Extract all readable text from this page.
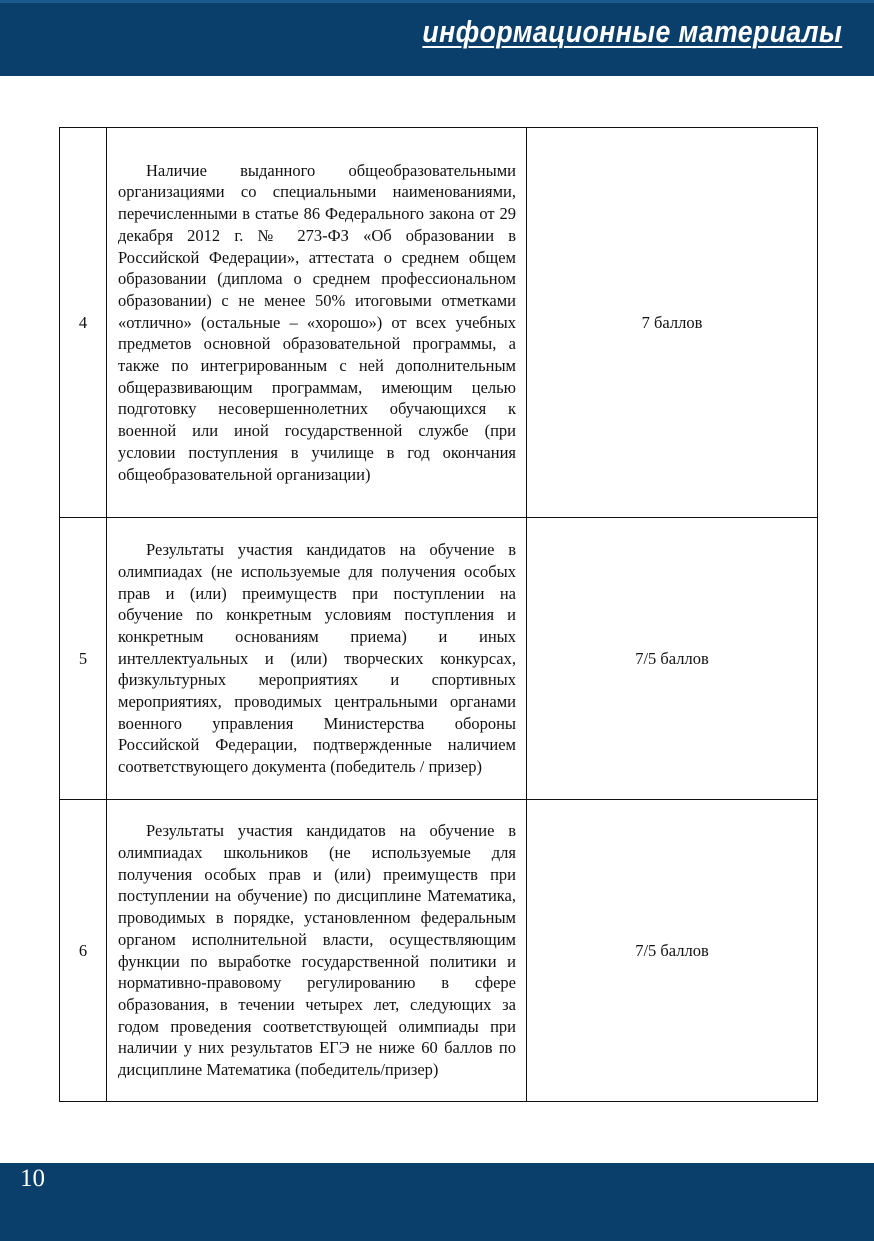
информационные материалы
4	Наличие выданного общеобразовательными организациями со специальными наименованиями, перечисленными в статье 86 Федерального закона от 29 декабря 2012 г. № 273-ФЗ «Об образовании в Российской Федерации», аттестата о среднем общем образовании (диплома о среднем профессиональном образовании) с не менее 50% итоговыми отметками «отлично» (остальные – «хорошо») от всех учебных предметов основной образовательной программы, а также по интегрированным с ней дополнительным общеразвивающим программам, имеющим целью подготовку несовершеннолетних обучающихся к военной или иной государственной службе (при условии поступления в училище в год окончания общеобразовательной организации)	7 баллов
5	Результаты участия кандидатов на обучение в олимпиадах (не используемые для получения особых прав и (или) преимуществ при поступлении на обучение по конкретным условиям поступления и конкретным основаниям приема) и иных интеллектуальных и (или) творческих конкурсах, физкультурных мероприятиях и спортивных мероприятиях, проводимых центральными органами военного управления Министерства обороны Российской Федерации, подтвержденные наличием соответствующего документа (победитель / призер)	7/5 баллов
6	Результаты участия кандидатов на обучение в олимпиадах школьников (не используемые для получения особых прав и (или) преимуществ при поступлении на обучение) по дисциплине Математика, проводимых в порядке, установленном федеральным органом исполнительной власти, осуществляющим функции по выработке государственной политики и нормативно-правовому регулированию в сфере образования, в течении четырех лет, следующих за годом проведения соответствующей олимпиады при наличии у них результатов ЕГЭ не ниже 60 баллов по дисциплине Математика (победитель/призер)	7/5 баллов
10
